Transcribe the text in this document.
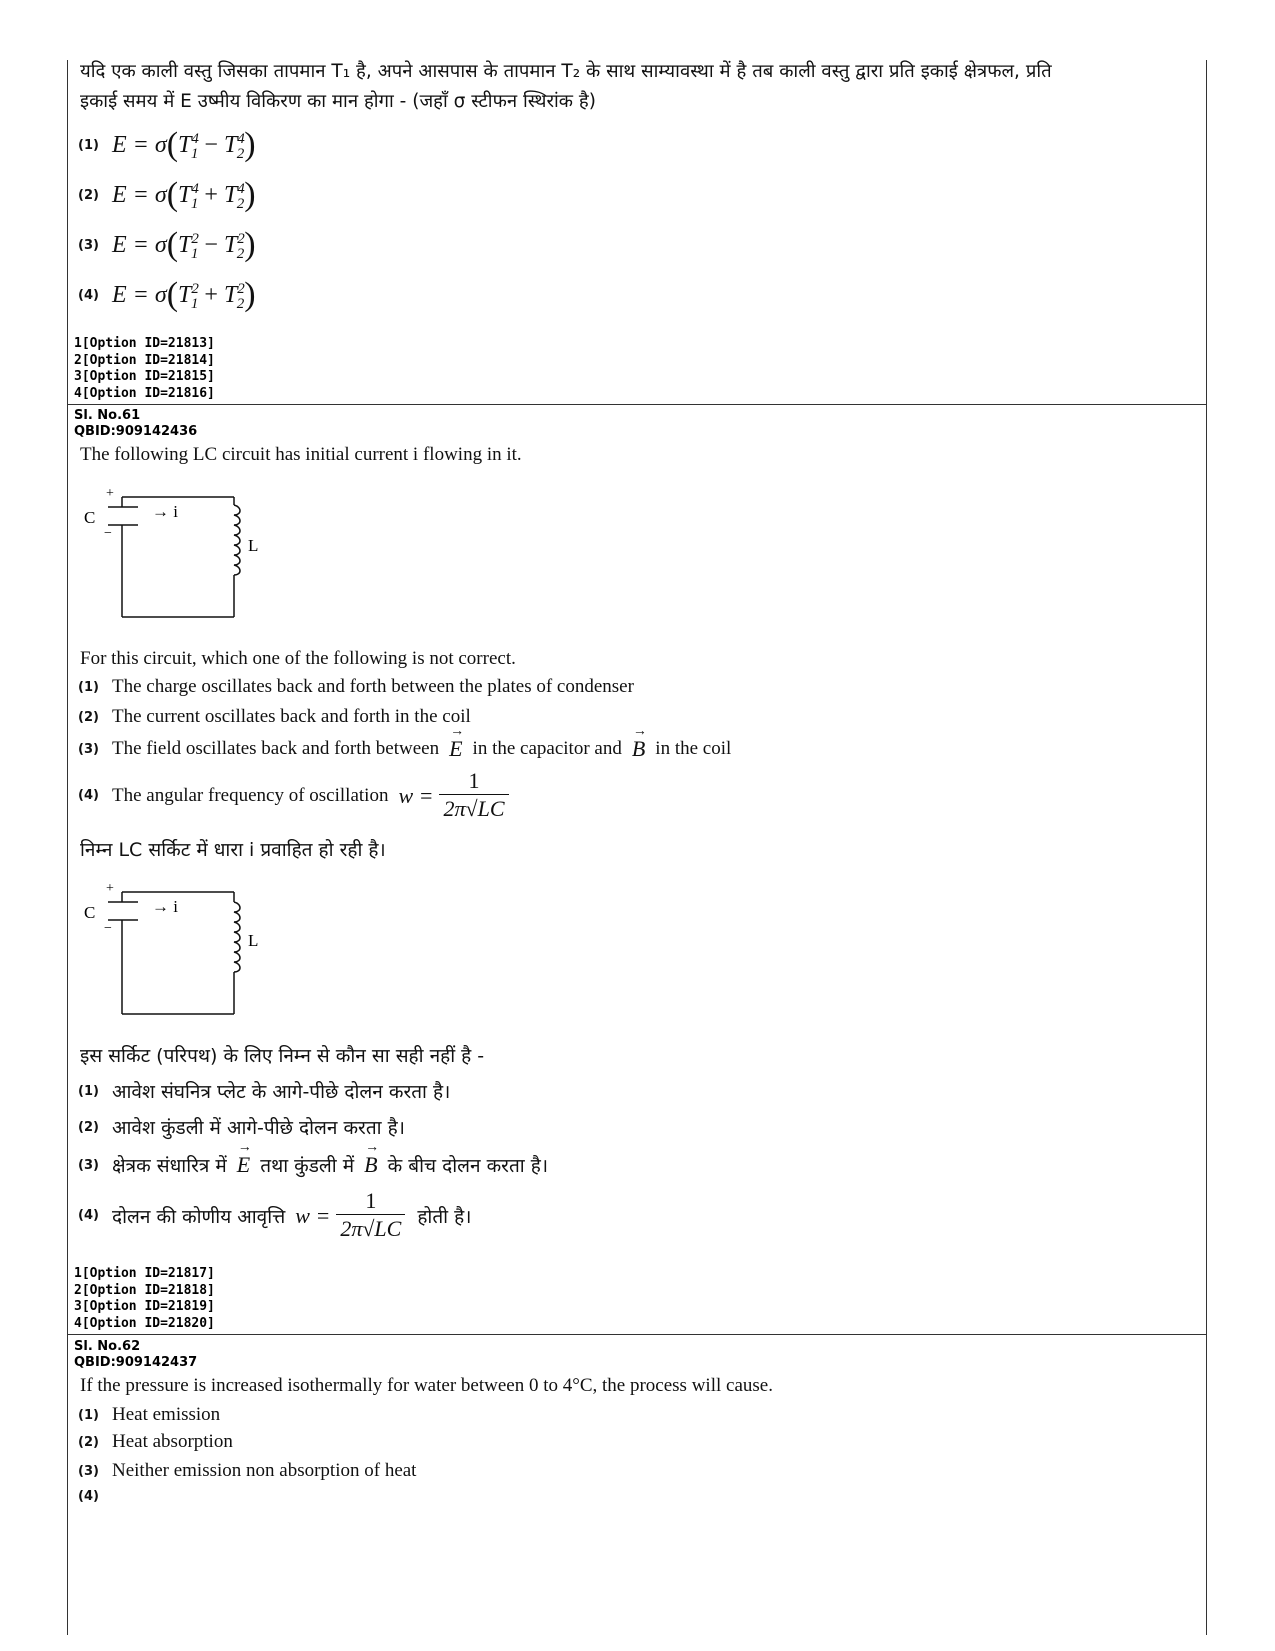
यदि एक काली वस्तु जिसका तापमान T₁ है, अपने आसपास के तापमान T₂ के साथ साम्यावस्था में है तब काली वस्तु द्वारा प्रति इकाई क्षेत्रफल, प्रति
इकाई समय में E उष्मीय विकिरण का मान होगा - (जहाँ σ स्टीफन स्थिरांक है)
(1) $E = \sigma(T^4_1 - T^4_2)$
(2) $E = \sigma(T^4_1 + T^4_2)$
(3) $E = \sigma(T^2_1 - T^2_2)$
(4) $E = \sigma(T^2_1 + T^2_2)$
1[Option ID=21813]
2[Option ID=21814]
3[Option ID=21815]
4[Option ID=21816]
Sl. No.61
QBID:909142436
The following LC circuit has initial current i flowing in it.
+
−
C	→ i
L
For this circuit, which one of the following is not correct.
(1) The charge oscillates back and forth between the plates of condenser
(2) The current oscillates back and forth in the coil
(3) The field oscillates back and forth between → E in the capacitor and → B in the coil
(4) The angular frequency of oscillation $w = \frac{1}{2\pi√LC}$
निम्न LC सर्किट में धारा i प्रवाहित हो रही है।
+
−
C	→ i
L
इस सर्किट (परिपथ) के लिए निम्न से कौन सा सही नहीं है -
(1) आवेश संघनित्र प्लेट के आगे-पीछे दोलन करता है।
(2) आवेश कुंडली में आगे-पीछे दोलन करता है।
(3) क्षेत्रक संधारित्र में → E तथा कुंडली में → B के बीच दोलन करता है।
(4) दोलन की कोणीय आवृत्ति $w = \frac{1}{2\pi√LC}$ होती है।
1[Option ID=21817]
2[Option ID=21818]
3[Option ID=21819]
4[Option ID=21820]
Sl. No.62
QBID:909142437
If the pressure is increased isothermally for water between 0 to 4°C, the process will cause.
(1) Heat emission
(2) Heat absorption
(3) Neither emission non absorption of heat
(4)
